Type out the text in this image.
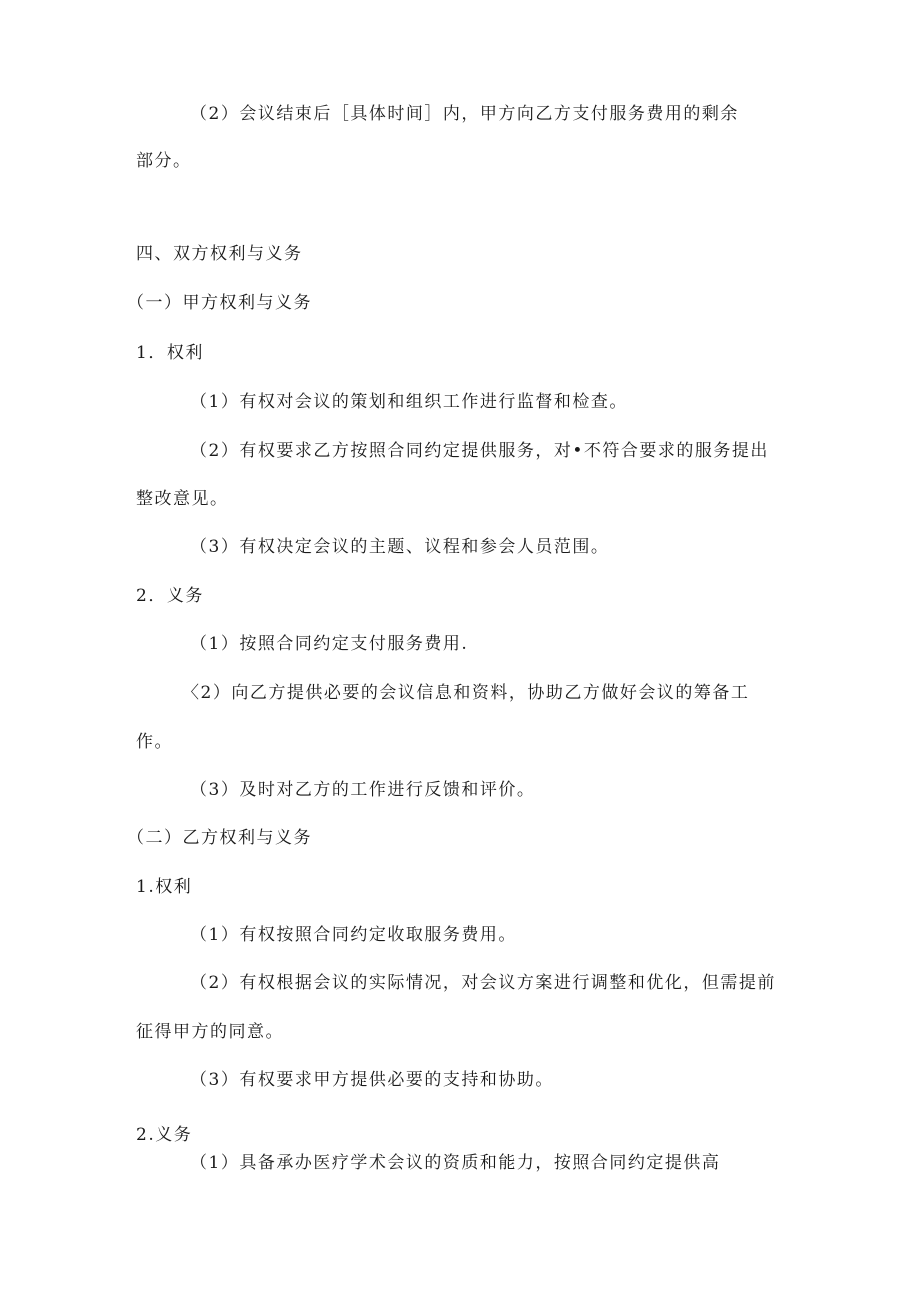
（2）会议结束后［具体时间］内，甲方向乙方支付服务费用的剩余
部分。
四、双方权利与义务
（一）甲方权利与义务
1．权利
（1）有权对会议的策划和组织工作进行监督和检查。
（2）有权要求乙方按照合同约定提供服务，对•不符合要求的服务提出
整改意见。
（3）有权决定会议的主题、议程和参会人员范围。
2．义务
（1）按照合同约定支付服务费用.
〈2）向乙方提供必要的会议信息和资料，协助乙方做好会议的筹备工
作。
（3）及时对乙方的工作进行反馈和评价。
（二）乙方权利与义务
1.权利
（1）有权按照合同约定收取服务费用。
（2）有权根据会议的实际情况，对会议方案进行调整和优化，但需提前
征得甲方的同意。
（3）有权要求甲方提供必要的支持和协助。
2.义务
（1）具备承办医疗学术会议的资质和能力，按照合同约定提供高
